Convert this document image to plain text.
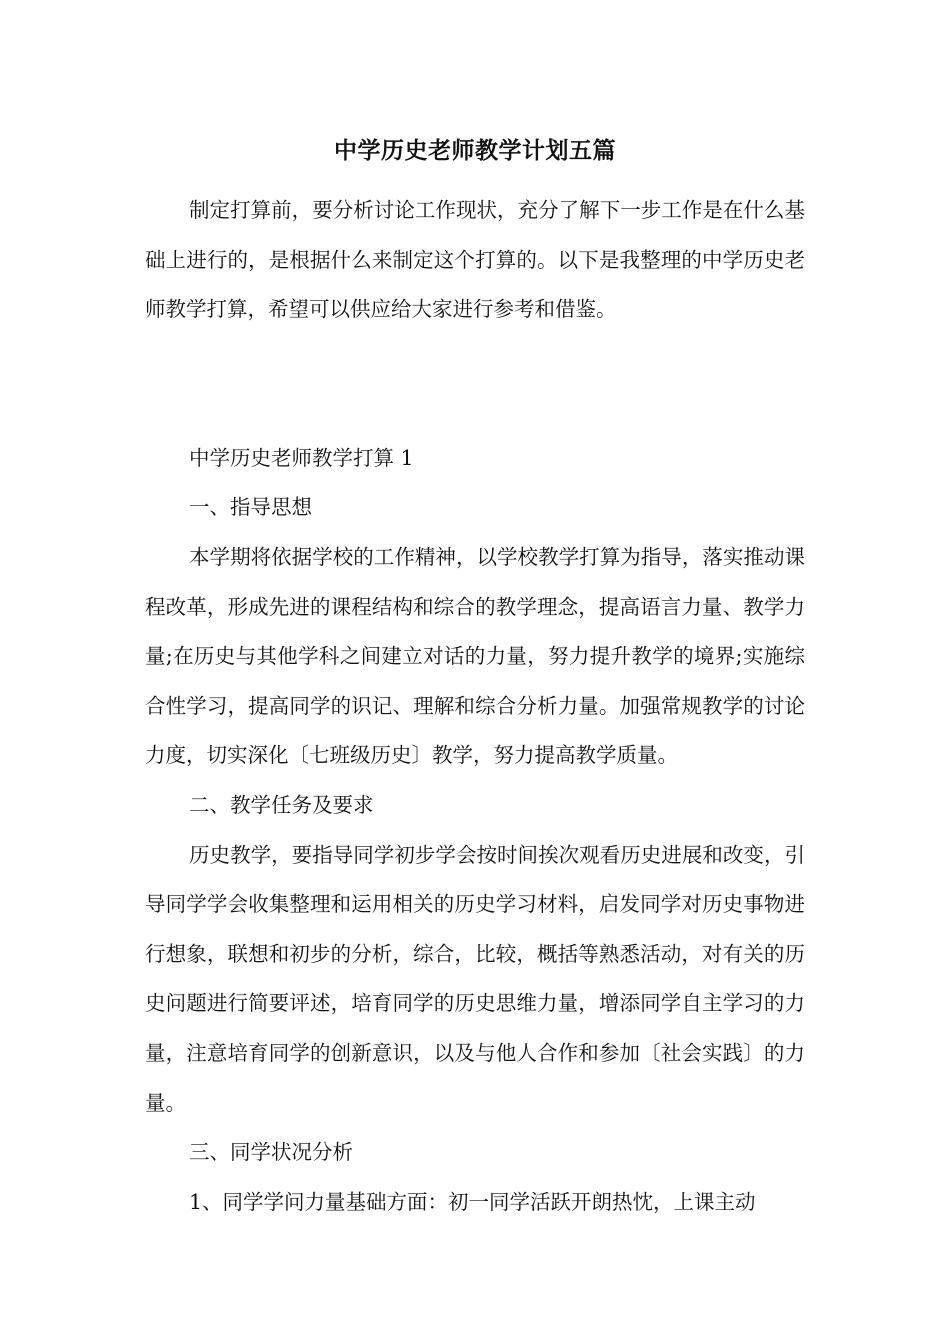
中学历史老师教学计划五篇

制定打算前，要分析讨论工作现状，充分了解下一步工作是在什么基础上进行的，是根据什么来制定这个打算的。以下是我整理的中学历史老师教学打算，希望可以供应给大家进行参考和借鉴。

中学历史老师教学打算 1

一、指导思想

本学期将依据学校的工作精神，以学校教学打算为指导，落实推动课程改革，形成先进的课程结构和综合的教学理念，提高语言力量、教学力量;在历史与其他学科之间建立对话的力量，努力提升教学的境界;实施综合性学习，提高同学的识记、理解和综合分析力量。加强常规教学的讨论力度，切实深化〔七班级历史〕教学，努力提高教学质量。

二、教学任务及要求

历史教学，要指导同学初步学会按时间挨次观看历史进展和改变，引导同学学会收集整理和运用相关的历史学习材料，启发同学对历史事物进行想象，联想和初步的分析，综合，比较，概括等熟悉活动，对有关的历史问题进行简要评述，培育同学的历史思维力量，增添同学自主学习的力量，注意培育同学的创新意识，以及与他人合作和参加〔社会实践〕的力量。

三、同学状况分析

1、同学学问力量基础方面：初一同学活跃开朗热忱，上课主动
